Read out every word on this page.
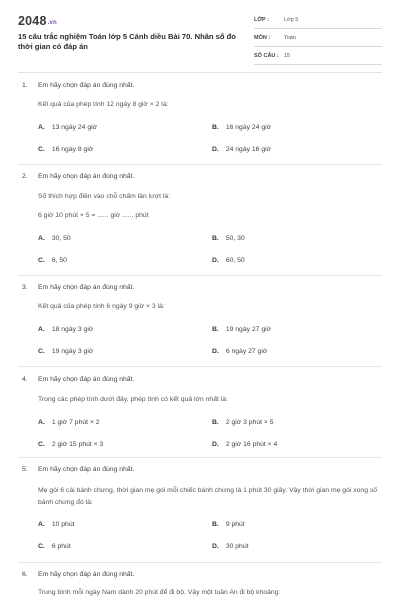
2048.vn
15 câu trắc nghiệm Toán lớp 5 Cánh diều Bài 70. Nhân số đo thời gian có đáp án
LỚP :	Lớp 5
MÔN :	Toán
SỐ CÂU : 15
1. Em hãy chọn đáp án đúng nhất.
Kết quả của phép tính 12 ngày 8 giờ × 2 là:
A. 13 ngày 24 giờ	B. 16 ngày 24 giờ
C. 16 ngày 8 giờ	D. 24 ngày 16 giờ
2. Em hãy chọn đáp án đúng nhất.
Số thích hợp điền vào chỗ chấm lần lượt là:
6 giờ 10 phút × 5 = ...... giờ ...... phút
A. 30, 50	B. 50, 30
C. 6, 50	D. 60, 50
3. Em hãy chọn đáp án đúng nhất.
Kết quả của phép tính 6 ngày 9 giờ × 3 là:
A. 18 ngày 3 giờ	B. 19 ngày 27 giờ
C. 19 ngày 3 giờ	D. 6 ngày 27 giờ
4. Em hãy chọn đáp án đúng nhất.
Trong các phép tính dưới đây, phép tính có kết quả lớn nhất là:
A. 1 giờ 7 phút × 2	B. 2 giờ 3 phút × 5
C. 2 giờ 15 phút × 3	D. 2 giờ 16 phút × 4
5. Em hãy chọn đáp án đúng nhất.
Mẹ gói 6 cái bánh chưng, thời gian mẹ gói mỗi chiếc bánh chưng là 1 phút 30 giây. Vậy thời gian mẹ gói xong số bánh chưng đó là:
A. 10 phút	B. 9 phút
C. 6 phút	D. 30 phút
6. Em hãy chọn đáp án đúng nhất.
Trung bình mỗi ngày Nam dành 20 phút để đi bộ. Vậy một tuần An đi bộ khoảng:
